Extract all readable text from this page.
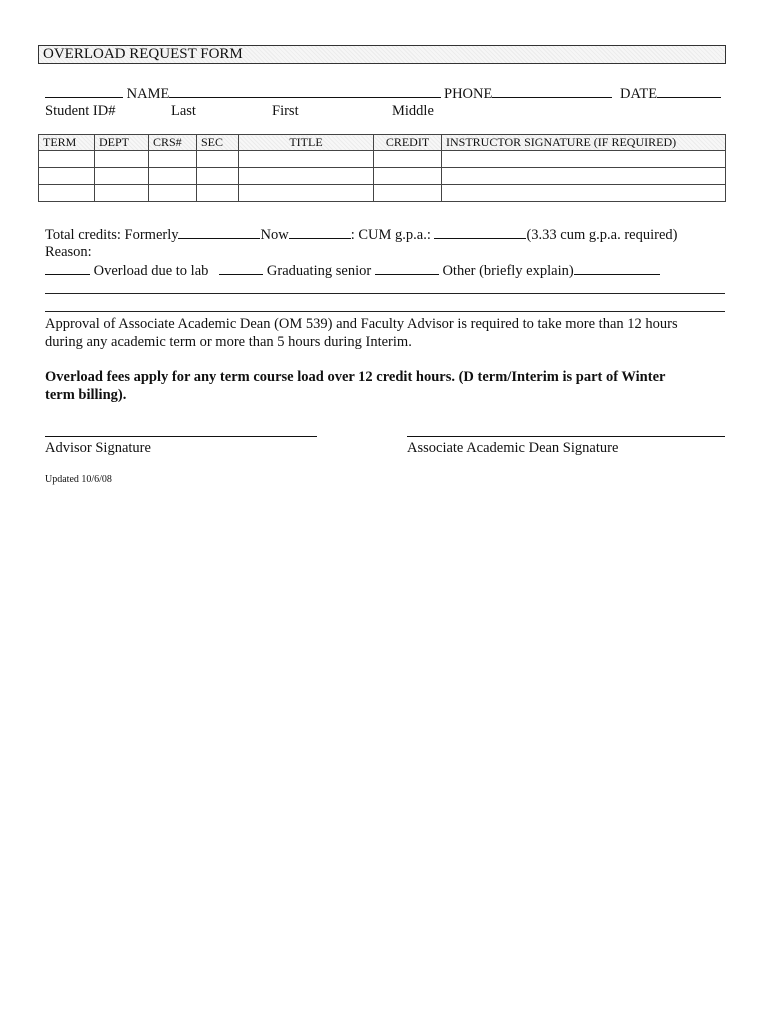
OVERLOAD REQUEST FORM
NAME	PHONE	DATE
Student ID#	Last	First	Middle
TERM	DEPT	CRS#	SEC	TITLE	CREDIT	INSTRUCTOR SIGNATURE (IF REQUIRED)

Total credits: Formerly	Now	: CUM g.p.a.:	(3.33 cum g.p.a. required)
Reason:
Overload due to lab	Graduating senior	Other (briefly explain)
Approval of Associate Academic Dean (OM 539) and Faculty Advisor is required to take more than 12 hours
during any academic term or more than 5 hours during Interim.
Overload fees apply for any term course load over 12 credit hours. (D term/Interim is part of Winter
term billing).
Advisor Signature	Associate Academic Dean Signature
Updated 10/6/08
